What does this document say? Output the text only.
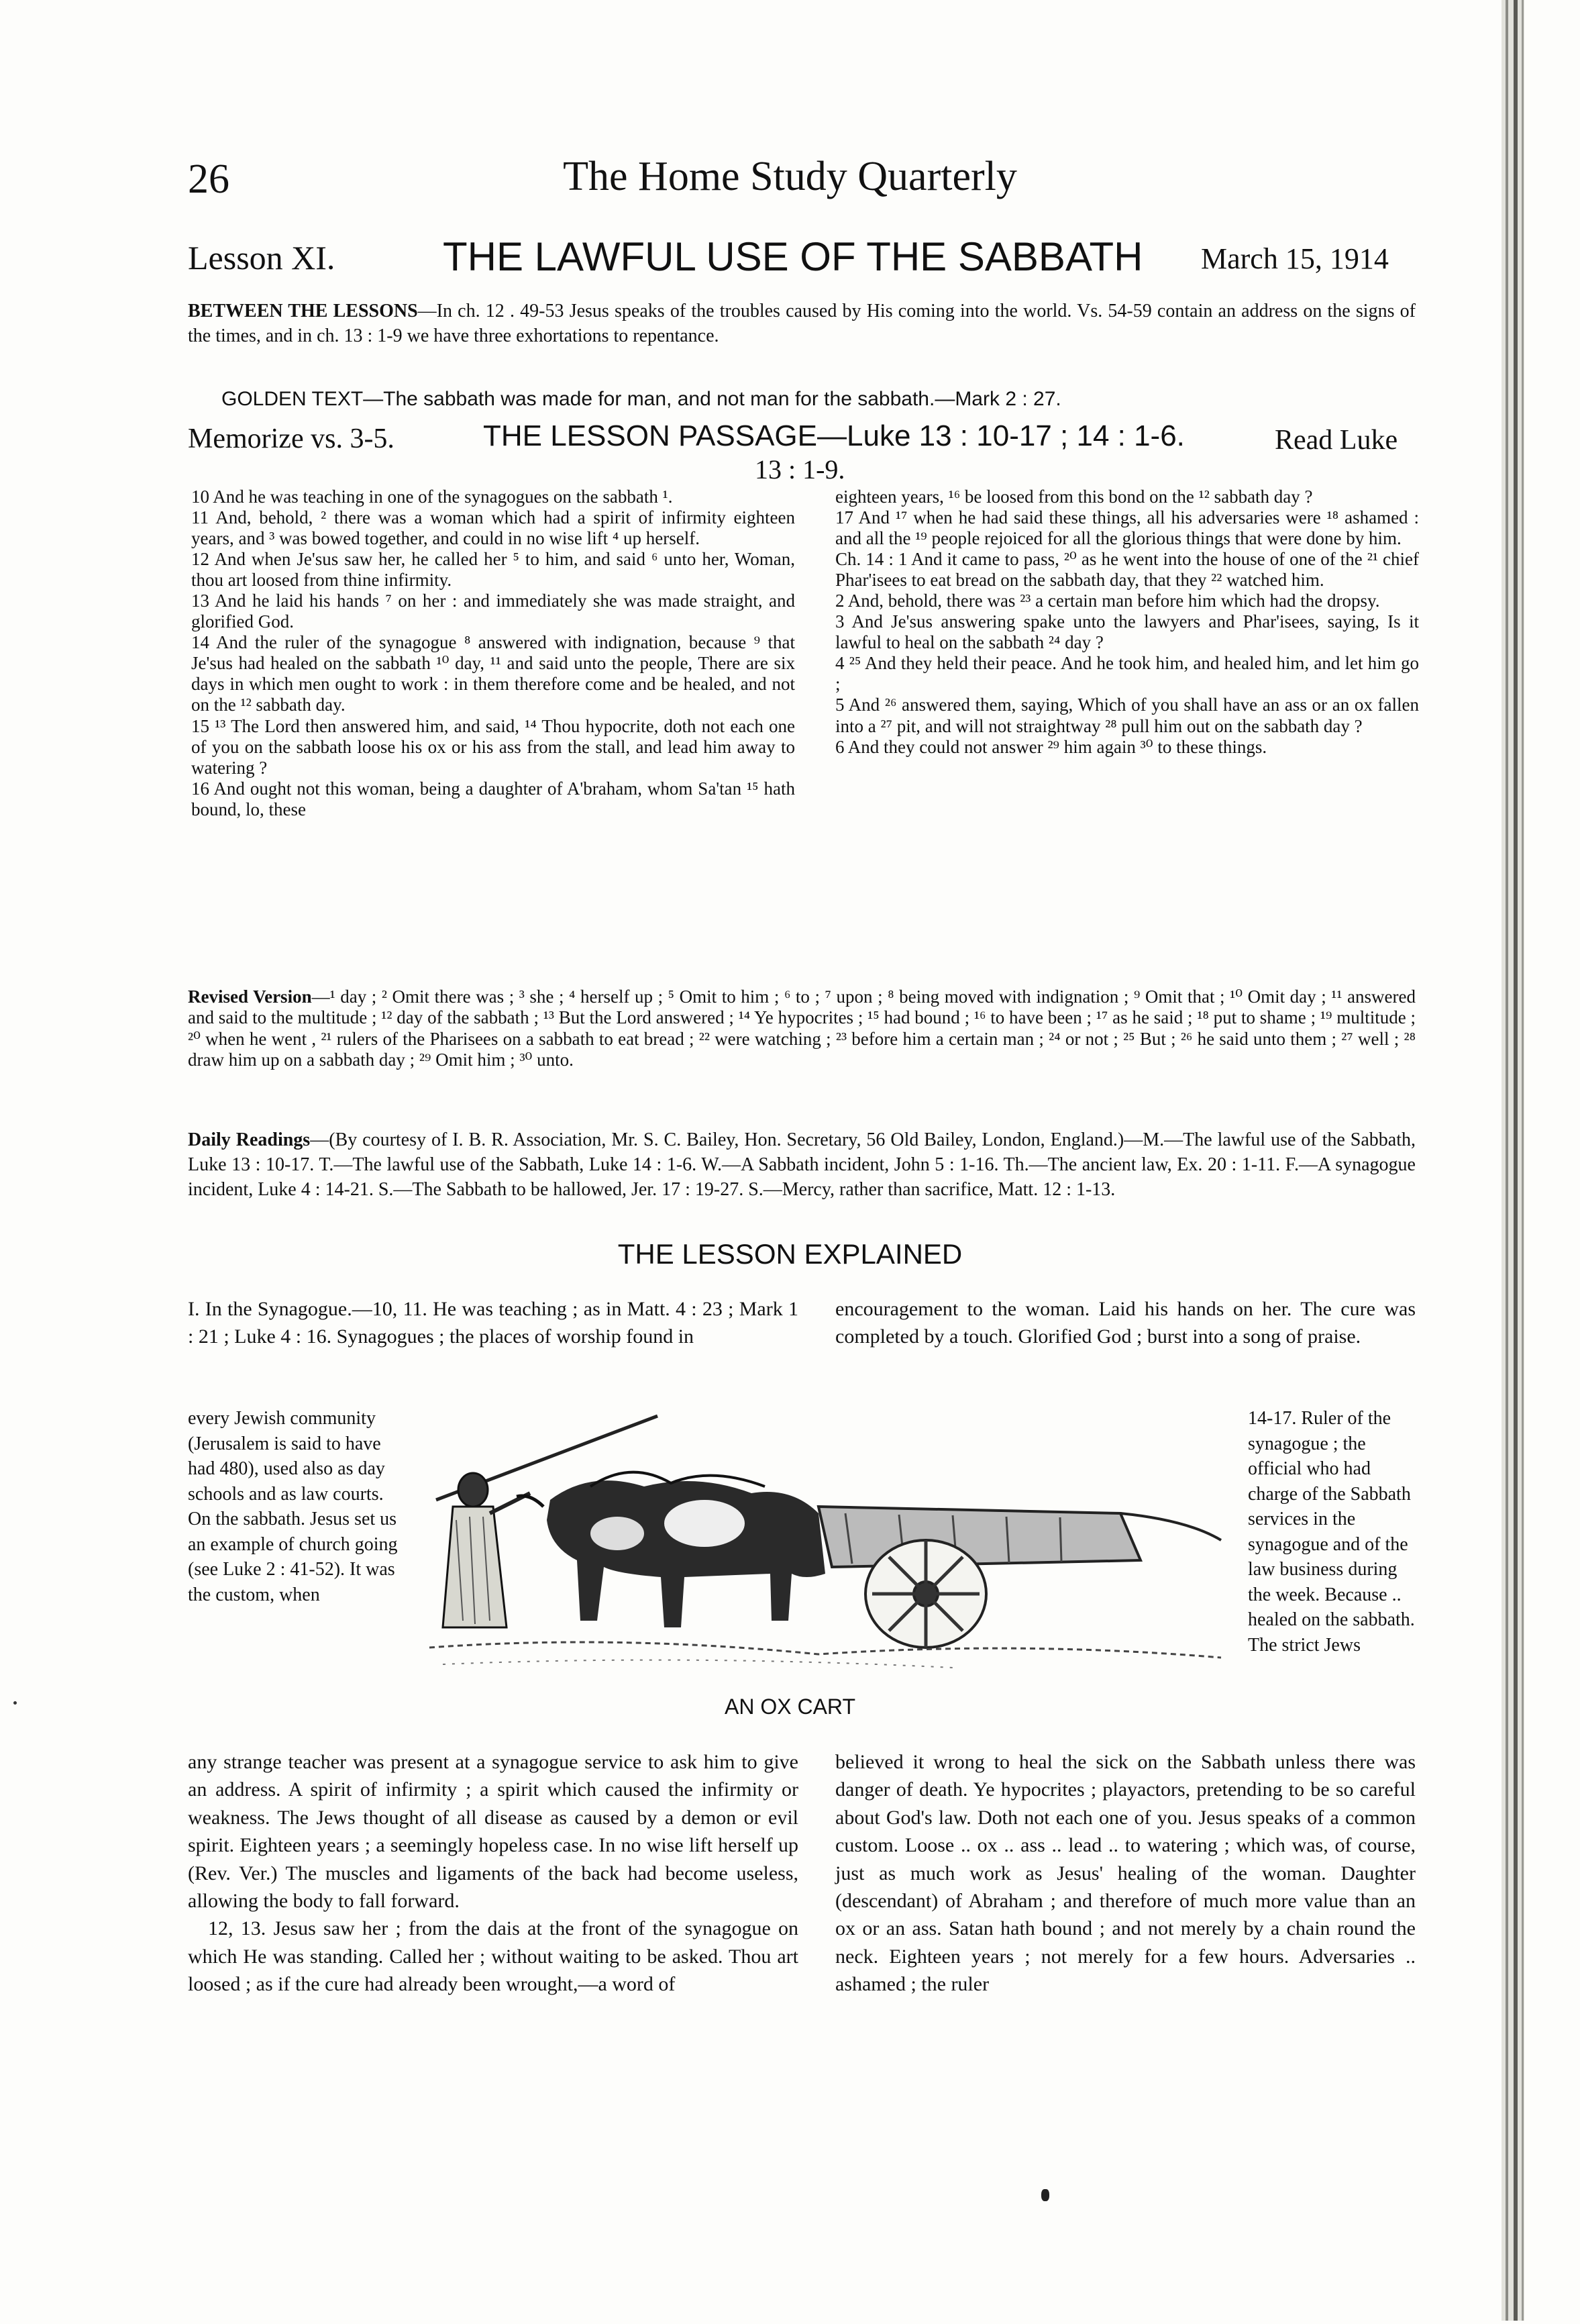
26	The Home Study Quarterly
Lesson XI.	THE LAWFUL USE OF THE SABBATH March 15, 1914
BETWEEN THE LESSONS—In ch. 12 . 49-53 Jesus speaks of the troubles caused by His coming into the world. Vs. 54-59 contain an address on the signs of the times, and in ch. 13 : 1-9 we have three exhortations to repentance.
GOLDEN TEXT—The sabbath was made for man, and not man for the sabbath.—Mark 2 : 27.
Memorize vs. 3-5.	THE LESSON PASSAGE—Luke 13 : 10-17 ; 14 : 1-6.	Read Luke
13 : 1-9.

10 And he was teaching in one of the synagogues on the sabbath ¹.

11 And, behold, ² there was a woman which had a spirit of infirmity eighteen years, and ³ was bowed together, and could in no wise lift ⁴ up herself.

12 And when Je'sus saw her, he called her ⁵ to him, and said ⁶ unto her, Woman, thou art loosed from thine infirmity.

13 And he laid his hands ⁷ on her : and immediately she was made straight, and glorified God.

14 And the ruler of the synagogue ⁸ answered with indignation, because ⁹ that Je'sus had healed on the sabbath ¹⁰ day, ¹¹ and said unto the people, There are six days in which men ought to work : in them therefore come and be healed, and not on the ¹² sabbath day.

15 ¹³ The Lord then answered him, and said, ¹⁴ Thou hypocrite, doth not each one of you on the sabbath loose his ox or his ass from the stall, and lead him away to watering ?

16 And ought not this woman, being a daughter of A'braham, whom Sa'tan ¹⁵ hath bound, lo, these

eighteen years, ¹⁶ be loosed from this bond on the ¹² sabbath day ?

17 And ¹⁷ when he had said these things, all his adversaries were ¹⁸ ashamed : and all the ¹⁹ people rejoiced for all the glorious things that were done by him.

Ch. 14 : 1 And it came to pass, ²⁰ as he went into the house of one of the ²¹ chief Phar'isees to eat bread on the sabbath day, that they ²² watched him.

2 And, behold, there was ²³ a certain man before him which had the dropsy.

3 And Je'sus answering spake unto the lawyers and Phar'isees, saying, Is it lawful to heal on the sabbath ²⁴ day ?

4 ²⁵ And they held their peace. And he took him, and healed him, and let him go ;

5 And ²⁶ answered them, saying, Which of you shall have an ass or an ox fallen into a ²⁷ pit, and will not straightway ²⁸ pull him out on the sabbath day ?

6 And they could not answer ²⁹ him again ³⁰ to these things.

Revised Version—¹ day ; ² Omit there was ; ³ she ; ⁴ herself up ; ⁵ Omit to him ; ⁶ to ; ⁷ upon ; ⁸ being moved with indignation ; ⁹ Omit that ; ¹⁰ Omit day ; ¹¹ answered and said to the multitude ; ¹² day of the sabbath ; ¹³ But the Lord answered ; ¹⁴ Ye hypocrites ; ¹⁵ had bound ; ¹⁶ to have been ; ¹⁷ as he said ; ¹⁸ put to shame ; ¹⁹ multitude ; ²⁰ when he went , ²¹ rulers of the Pharisees on a sabbath to eat bread ; ²² were watching ; ²³ before him a certain man ; ²⁴ or not ; ²⁵ But ; ²⁶ he said unto them ; ²⁷ well ; ²⁸ draw him up on a sabbath day ; ²⁹ Omit him ; ³⁰ unto.
Daily Readings—(By courtesy of I. B. R. Association, Mr. S. C. Bailey, Hon. Secretary, 56 Old Bailey, London, England.)—M.—The lawful use of the Sabbath, Luke 13 : 10-17. T.—The lawful use of the Sabbath, Luke 14 : 1-6. W.—A Sabbath incident, John 5 : 1-16. Th.—The ancient law, Ex. 20 : 1-11. F.—A synagogue incident, Luke 4 : 14-21. S.—The Sabbath to be hallowed, Jer. 17 : 19-27. S.—Mercy, rather than sacrifice, Matt. 12 : 1-13.
THE LESSON EXPLAINED
I. In the Synagogue.—10, 11. He was teaching ; as in Matt. 4 : 23 ; Mark 1 : 21 ; Luke 4 : 16. Synagogues ; the places of worship found in
every Jewish community (Jerusalem is said to have had 480), used also as day schools and as law courts. On the sabbath. Jesus set us an example of church going (see Luke 2 : 41-52). It was the custom, when

any strange teacher was present at a synagogue service to ask him to give an address. A spirit of infirmity ; a spirit which caused the infirmity or weakness. The Jews thought of all disease as caused by a demon or evil spirit. Eighteen years ; a seemingly hopeless case. In no wise lift herself up (Rev. Ver.) The muscles and ligaments of the back had become useless, allowing the body to fall forward.

12, 13. Jesus saw her ; from the dais at the front of the synagogue on which He was standing. Called her ; without waiting to be asked. Thou art loosed ; as if the cure had already been wrought,—a word of

encouragement to the woman. Laid his hands on her. The cure was completed by a touch. Glorified God ; burst into a song of praise.
14-17. Ruler of the synagogue ; the official who had charge of the Sabbath services in the synagogue and of the law business during the week. Because .. healed on the sabbath. The strict Jews
believed it wrong to heal the sick on the Sabbath unless there was danger of death. Ye hypocrites ; playactors, pretending to be so careful about God's law. Doth not each one of you. Jesus speaks of a common custom. Loose .. ox .. ass .. lead .. to watering ; which was, of course, just as much work as Jesus' healing of the woman. Daughter (descendant) of Abraham ; and therefore of much more value than an ox or an ass. Satan hath bound ; and not merely by a chain round the neck. Eighteen years ; not merely for a few hours. Adversaries .. ashamed ; the ruler
AN OX CART
